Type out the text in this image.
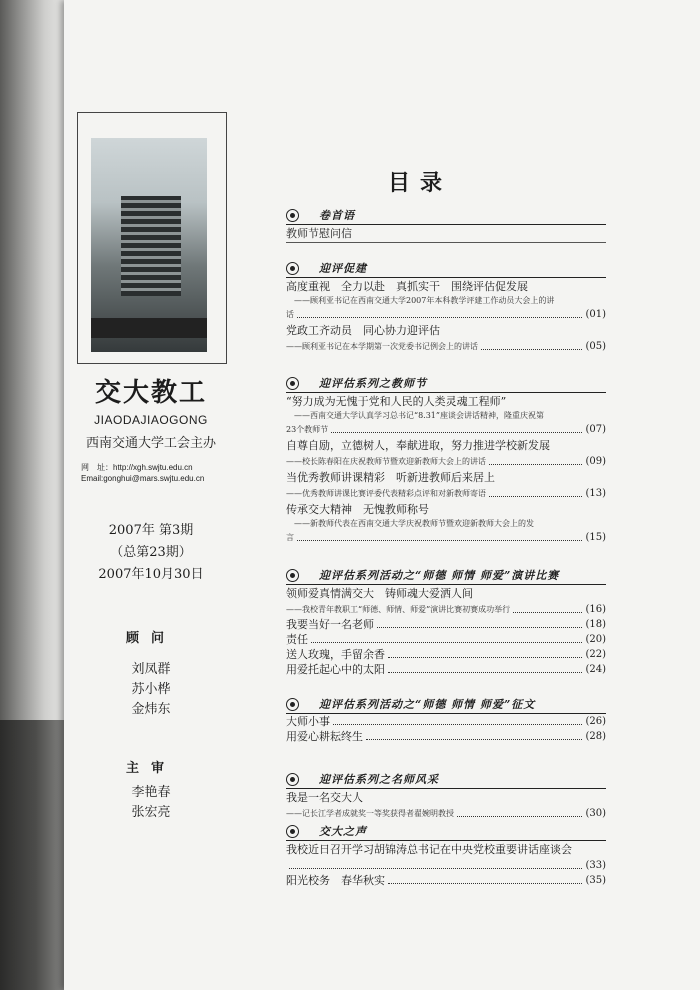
交大教工
JIAODAJIAOGONG
西南交通大学工会主办
网　址：http://xgh.swjtu.edu.cn
Email:gonghui@mars.swjtu.edu.cn
2007年 第3期
（总第23期）
2007年10月30日
顾问
刘凤群
苏小桦
金炜东
主审
李艳春
张宏亮
目录
卷首语
教师节慰问信
迎评促建
高度重视　全力以赴　真抓实干　围绕评估促发展
——顾利亚书记在西南交通大学2007年本科教学评建工作动员大会上的讲
话	(01)
党政工齐动员　同心协力迎评估
——顾利亚书记在本学期第一次党委书记例会上的讲话	(05)
迎评估系列之教师节
“努力成为无愧于党和人民的人类灵魂工程师”
——西南交通大学认真学习总书记“8.31”座谈会讲话精神，隆重庆祝第
23个教师节	(07)
自尊自励，立德树人，奉献进取，努力推进学校新发展
——校长陈春阳在庆祝教师节暨欢迎新教师大会上的讲话	(09)
当优秀教师讲课精彩　听新进教师后来居上
——优秀教师讲课比赛评委代表精彩点评和对新教师寄语	(13)
传承交大精神　无愧教师称号
——新教师代表在西南交通大学庆祝教师节暨欢迎新教师大会上的发
言	(15)
迎评估系列活动之“师德 师情 师爱”演讲比赛
领师爱真情满交大　铸师魂大爱洒人间
——我校青年教职工“师德、师情、师爱”演讲比赛初赛成功举行	(16)
我要当好一名老师	(18)
责任	(20)
送人玫瑰，手留余香	(22)
用爱托起心中的太阳	(24)
迎评估系列活动之“师德 师情 师爱”征文
大师小事	(26)
用爱心耕耘终生	(28)
迎评估系列之名师风采
我是一名交大人
——记长江学者成就奖一等奖获得者翟婉明教授	(30)
交大之声
我校近日召开学习胡锦涛总书记在中央党校重要讲话座谈会
(33)
阳光校务　春华秋实	(35)
